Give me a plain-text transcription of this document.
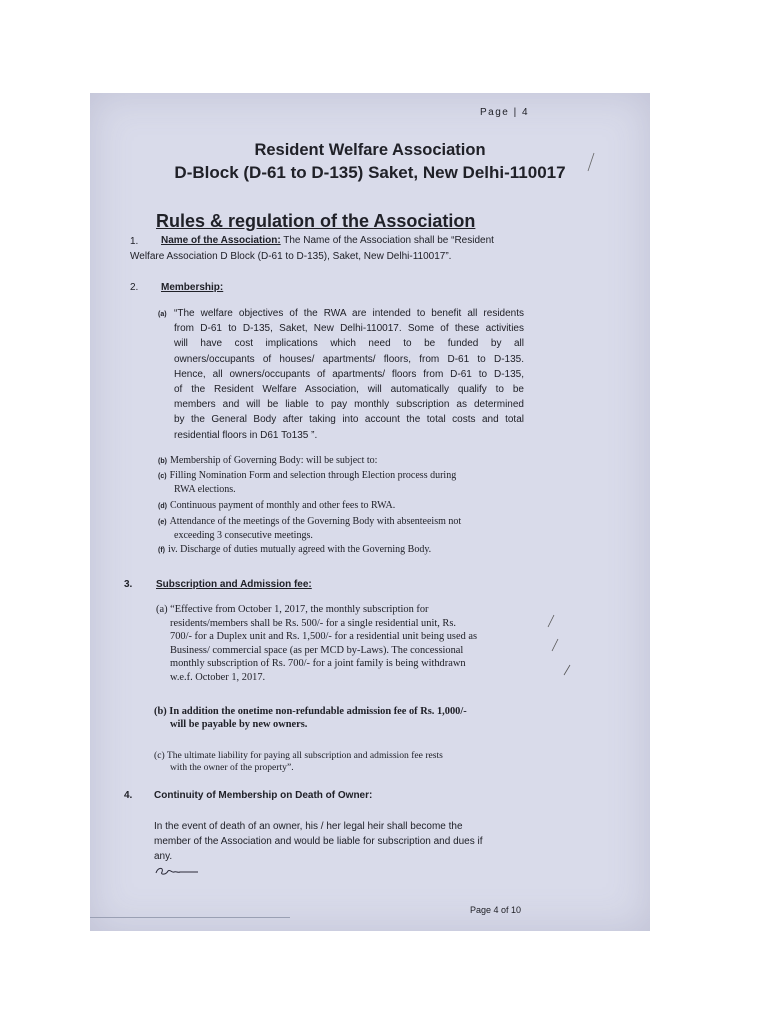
Page | 4
Resident Welfare Association
D-Block (D-61 to D-135) Saket, New Delhi-110017
Rules & regulation of the Association
1. Name of the Association: The Name of the Association shall be “Resident
Welfare Association D Block (D-61 to D-135), Saket, New Delhi-110017”.
2. Membership:
(a) “The welfare objectives of the RWA are intended to benefit all residents
from D-61 to D-135, Saket, New Delhi-110017. Some of these activities
will have cost implications which need to be funded by all
owners/occupants of houses/ apartments/ floors, from D-61 to D-135.
Hence, all owners/occupants of apartments/ floors from D-61 to D-135,
of the Resident Welfare Association, will automatically qualify to be
members and will be liable to pay monthly subscription as determined
by the General Body after taking into account the total costs and total
residential floors in D61 To135 ”.
(b) Membership of Governing Body: will be subject to:
(c) Filling Nomination Form and selection through Election process during
RWA elections.
(d) Continuous payment of monthly and other fees to RWA.
(e) Attendance of the meetings of the Governing Body with absenteeism not
exceeding 3 consecutive meetings.
(f) iv. Discharge of duties mutually agreed with the Governing Body.
3. Subscription and Admission fee:
(a) “Effective from October 1, 2017, the monthly subscription for
residents/members shall be Rs. 500/- for a single residential unit, Rs.
700/- for a Duplex unit and Rs. 1,500/- for a residential unit being used as
Business/ commercial space (as per MCD by-Laws). The concessional
monthly subscription of Rs. 700/- for a joint family is being withdrawn
w.e.f. October 1, 2017.
(b) In addition the onetime non-refundable admission fee of Rs. 1,000/-
will be payable by new owners.
(c) The ultimate liability for paying all subscription and admission fee rests
with the owner of the property”.
4. Continuity of Membership on Death of Owner:
In the event of death of an owner, his / her legal heir shall become the
member of the Association and would be liable for subscription and dues if
any.
Page 4 of 10
